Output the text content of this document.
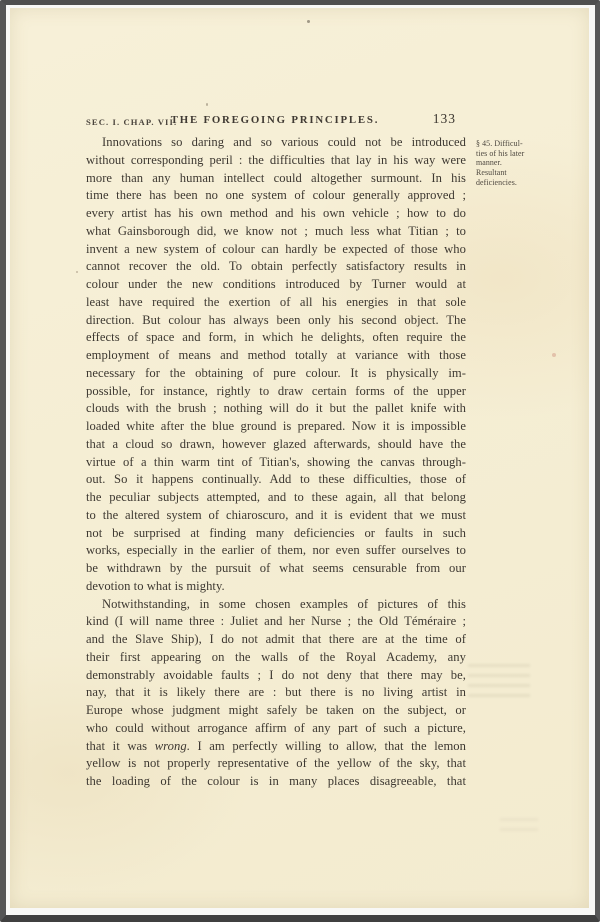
SEC. I. CHAP. VII.
THE FOREGOING PRINCIPLES.	133
§ 45. Difficul-
ties of his later
manner.
Resultant
deficiencies.
Innovations so daring and so various could not be introduced
without corresponding peril : the difficulties that lay in his way were
more than any human intellect could altogether surmount. In his
time there has been no one system of colour generally approved ;
every artist has his own method and his own vehicle ; how to do
what Gainsborough did, we know not ; much less what Titian ; to
invent a new system of colour can hardly be expected of those who
cannot recover the old. To obtain perfectly satisfactory results in
colour under the new conditions introduced by Turner would at
least have required the exertion of all his energies in that sole
direction. But colour has always been only his second object. The
effects of space and form, in which he delights, often require the
employment of means and method totally at variance with those
necessary for the obtaining of pure colour. It is physically im-
possible, for instance, rightly to draw certain forms of the upper
clouds with the brush ; nothing will do it but the pallet knife with
loaded white after the blue ground is prepared. Now it is impossible
that a cloud so drawn, however glazed afterwards, should have the
virtue of a thin warm tint of Titian's, showing the canvas through-
out. So it happens continually. Add to these difficulties, those of
the peculiar subjects attempted, and to these again, all that belong
to the altered system of chiaroscuro, and it is evident that we must
not be surprised at finding many deficiencies or faults in such
works, especially in the earlier of them, nor even suffer ourselves to
be withdrawn by the pursuit of what seems censurable from our
devotion to what is mighty.
Notwithstanding, in some chosen examples of pictures of this
kind (I will name three : Juliet and her Nurse ; the Old Téméraire ;
and the Slave Ship), I do not admit that there are at the time of
their first appearing on the walls of the Royal Academy, any
demonstrably avoidable faults ; I do not deny that there may be,
nay, that it is likely there are : but there is no living artist in
Europe whose judgment might safely be taken on the subject, or
who could without arrogance affirm of any part of such a picture,
that it was wrong. I am perfectly willing to allow, that the lemon
yellow is not properly representative of the yellow of the sky, that
the loading of the colour is in many places disagreeable, that
